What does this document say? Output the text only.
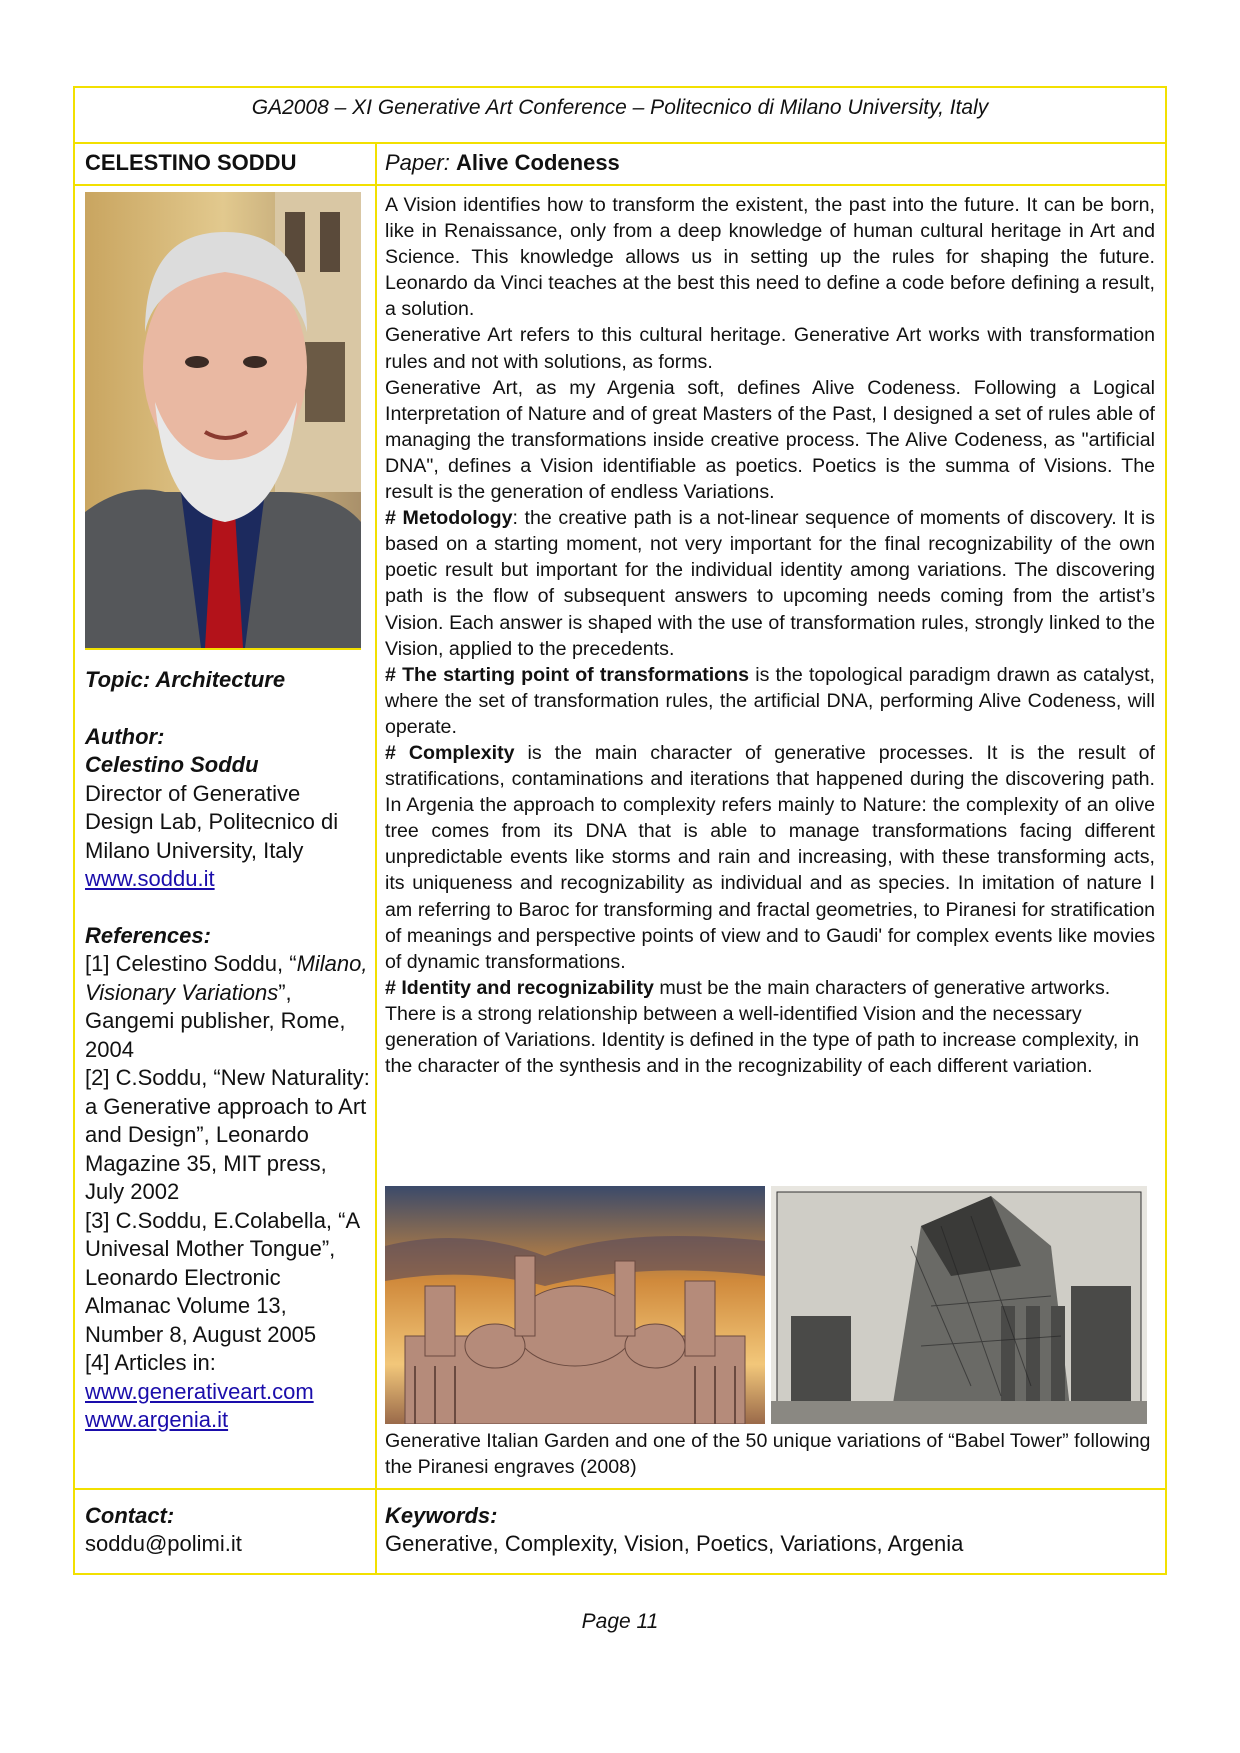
GA2008 – XI Generative Art Conference – Politecnico di Milano University, Italy
CELESTINO SODDU	Paper: Alive Codeness

Topic: Architecture

Author:

Celestino Soddu

Director of Generative Design Lab, Politecnico di Milano University, Italy

www.soddu.it

References:

[1] Celestino Soddu, “Milano, Visionary Variations”, Gangemi publisher, Rome, 2004

[2] C.Soddu, “New Naturality: a Generative approach to Art and Design”, Leonardo Magazine 35, MIT press, July 2002

[3] C.Soddu, E.Colabella, “A Univesal Mother Tongue”, Leonardo Electronic Almanac Volume 13, Number 8, August 2005

[4] Articles in:

www.generativeart.com

www.argenia.it

A Vision identifies how to transform the existent, the past into the future. It can be born, like in Renaissance, only from a deep knowledge of human cultural heritage in Art and Science. This knowledge allows us in setting up the rules for shaping the future. Leonardo da Vinci teaches at the best this need to define a code before defining a result, a solution.

Generative Art refers to this cultural heritage. Generative Art works with transformation rules and not with solutions, as forms.

Generative Art, as my Argenia soft, defines Alive Codeness. Following a Logical Interpretation of Nature and of great Masters of the Past, I designed a set of rules able of managing the transformations inside creative process. The Alive Codeness, as "artificial DNA", defines a Vision identifiable as poetics. Poetics is the summa of Visions. The result is the generation of endless Variations.

# Metodology: the creative path is a not-linear sequence of moments of discovery. It is based on a starting moment, not very important for the final recognizability of the own poetic result but important for the individual identity among variations. The discovering path is the flow of subsequent answers to upcoming needs coming from the artist’s Vision. Each answer is shaped with the use of transformation rules, strongly linked to the Vision, applied to the precedents.

# The starting point of transformations is the topological paradigm drawn as catalyst, where the set of transformation rules, the artificial DNA, performing Alive Codeness, will operate.

# Complexity is the main character of generative processes. It is the result of stratifications, contaminations and iterations that happened during the discovering path. In Argenia the approach to complexity refers mainly to Nature: the complexity of an olive tree comes from its DNA that is able to manage transformations facing different unpredictable events like storms and rain and increasing, with these transforming acts, its uniqueness and recognizability as individual and as species. In imitation of nature I am referring to Baroc for transforming and fractal geometries, to Piranesi for stratification of meanings and perspective points of view and to Gaudi' for complex events like movies of dynamic transformations.

# Identity and recognizability must be the main characters of generative artworks. There is a strong relationship between a well-identified Vision and the necessary generation of Variations. Identity is defined in the type of path to increase complexity, in the character of the synthesis and in the recognizability of each different variation.

Generative Italian Garden and one of the 50 unique variations of “Babel Tower” following the Piranesi engraves (2008)
Contact:
soddu@polimi.it
Keywords:
Generative, Complexity, Vision, Poetics, Variations, Argenia
Page 11
